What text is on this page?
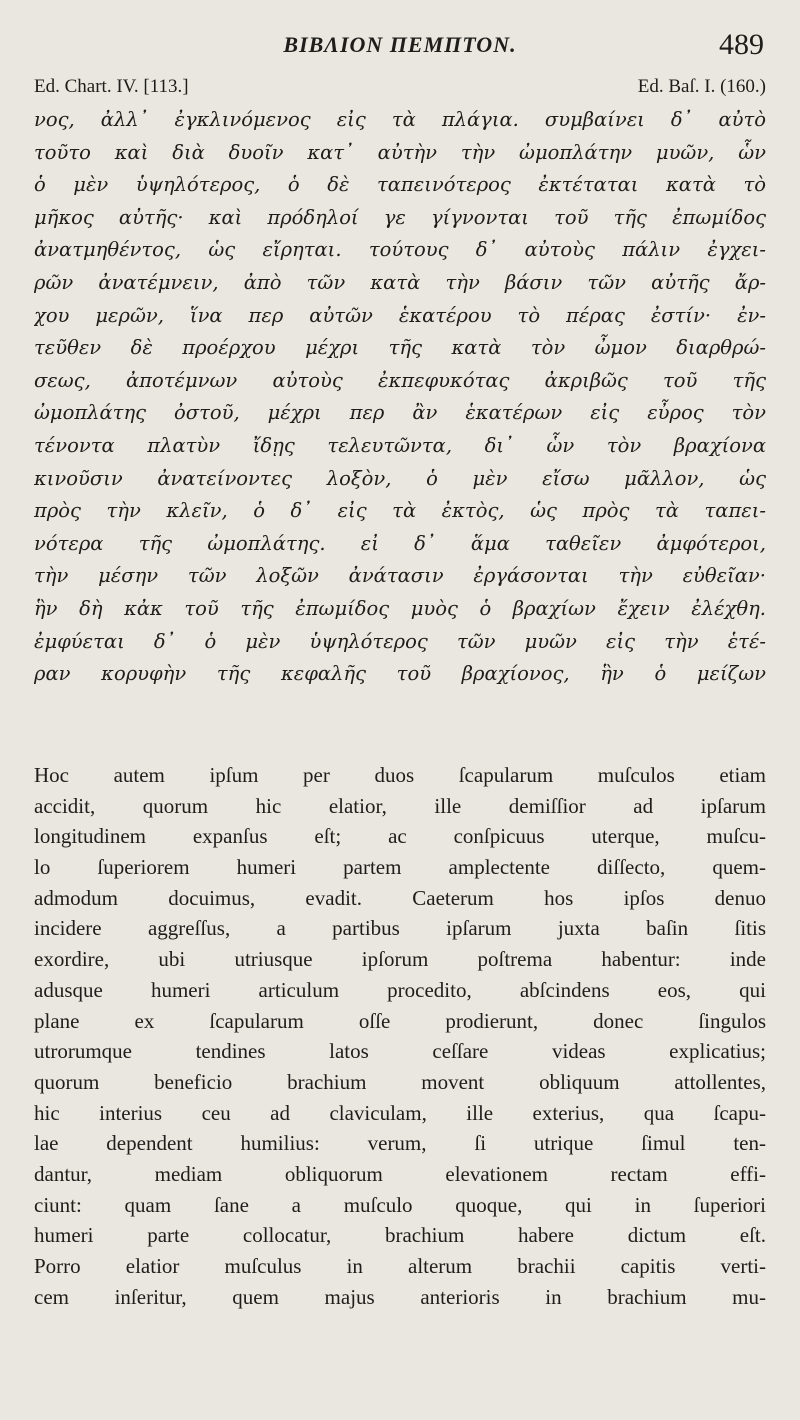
BIBΛΙΟΝ ΠΕΜΠΤΟΝ.	489
Ed. Chart. IV. [113.]	Ed. Baſ. I. (160.)
νος, ἀλλ᾽ ἐγκλινόμενος εἰς τὰ πλάγια. συμβαίνει δ᾽ αὐτὸ
τοῦτο καὶ διὰ δυοῖν κατ᾽ αὐτὴν τὴν ὠμοπλάτην μυῶν, ὧν
ὁ μὲν ὑψηλότερος, ὁ δὲ ταπεινότερος ἐκτέταται κατὰ τὸ
μῆκος αὐτῆς· καὶ πρόδηλοί γε γίγνονται τοῦ τῆς ἐπωμίδος
ἀνατμηθέντος, ὡς εἴρηται. τούτους δ᾽ αὐτοὺς πάλιν ἐγχει-
ρῶν ἀνατέμνειν, ἀπὸ τῶν κατὰ τὴν βάσιν τῶν αὐτῆς ἄρ-
χου μερῶν, ἵνα περ αὐτῶν ἑκατέρου τὸ πέρας ἐστίν· ἐν-
τεῦθεν δὲ προέρχου μέχρι τῆς κατὰ τὸν ὦμον διαρθρώ-
σεως, ἀποτέμνων αὐτοὺς ἐκπεφυκότας ἀκριβῶς τοῦ τῆς
ὠμοπλάτης ὀστοῦ, μέχρι περ ἂν ἑκατέρων εἰς εὖρος τὸν
τένοντα πλατὺν ἴδῃς τελευτῶντα, δι᾽ ὧν τὸν βραχίονα
κινοῦσιν ἀνατείνοντες λοξὸν, ὁ μὲν εἴσω μᾶλλον, ὡς
πρὸς τὴν κλεῖν, ὁ δ᾽ εἰς τὰ ἐκτὸς, ὡς πρὸς τὰ ταπει-
νότερα τῆς ὠμοπλάτης. εἰ δ᾽ ἅμα ταθεῖεν ἀμφότεροι,
τὴν μέσην τῶν λοξῶν ἀνάτασιν ἐργάσονται τὴν εὐθεῖαν·
ἣν δὴ κἀκ τοῦ τῆς ἐπωμίδος μυὸς ὁ βραχίων ἔχειν ἐλέχθη.
ἐμφύεται δ᾽ ὁ μὲν ὑψηλότερος τῶν μυῶν εἰς τὴν ἑτέ-
ραν κορυφὴν τῆς κεφαλῆς τοῦ βραχίονος, ἣν ὁ μείζων
Hoc autem ipſum per duos ſcapularum muſculos etiam
accidit, quorum hic elatior, ille demiſſior ad ipſarum
longitudinem expanſus eſt; ac conſpicuus uterque, muſcu-
lo ſuperiorem humeri partem amplectente diſſecto, quem-
admodum docuimus, evadit. Caeterum hos ipſos denuo
incidere aggreſſus, a partibus ipſarum juxta baſin ſitis
exordire, ubi utriusque ipſorum poſtrema habentur: inde
adusque humeri articulum procedito, abſcindens eos, qui
plane ex ſcapularum oſſe prodierunt, donec ſingulos
utrorumque tendines latos ceſſare videas explicatius;
quorum beneficio brachium movent obliquum attollentes,
hic interius ceu ad claviculam, ille exterius, qua ſcapu-
lae dependent humilius: verum, ſi utrique ſimul ten-
dantur, mediam obliquorum elevationem rectam effi-
ciunt: quam ſane a muſculo quoque, qui in ſuperiori
humeri parte collocatur, brachium habere dictum eſt.
Porro elatior muſculus in alterum brachii capitis verti-
cem inſeritur, quem majus anterioris in brachium mu-
